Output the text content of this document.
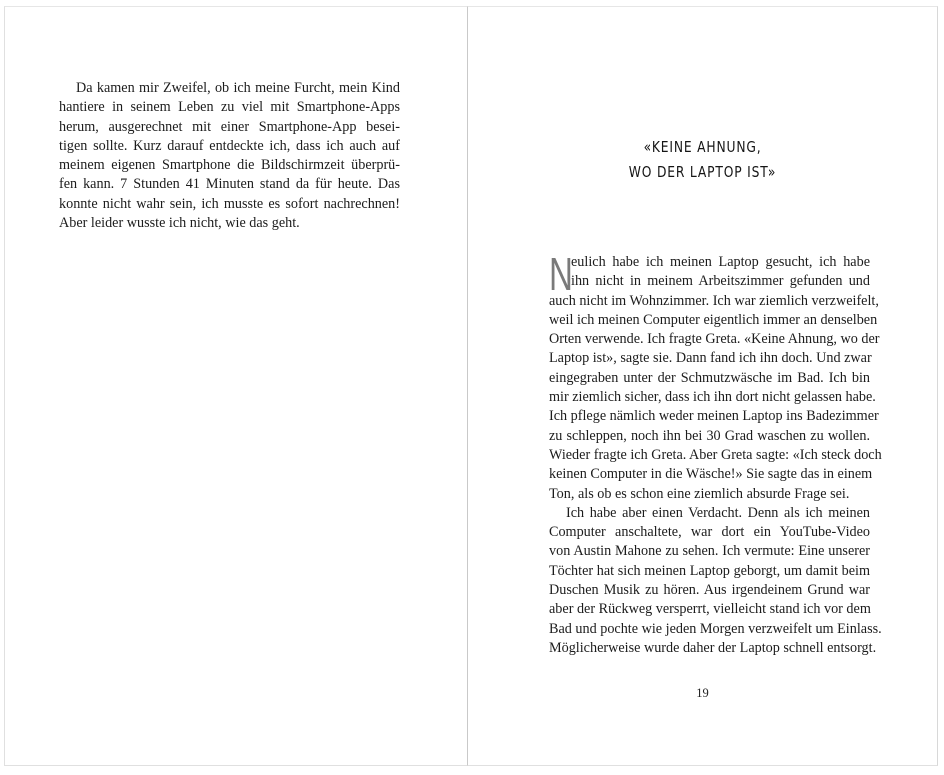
Da kamen mir Zweifel, ob ich meine Furcht, mein Kind
hantiere in seinem Leben zu viel mit Smartphone-Apps
herum, ausgerechnet mit einer Smartphone-App besei-
tigen sollte. Kurz darauf entdeckte ich, dass ich auch auf
meinem eigenen Smartphone die Bildschirmzeit überprü-
fen kann. 7 Stunden 41 Minuten stand da für heute. Das
konnte nicht wahr sein, ich musste es sofort nachrechnen!
Aber leider wusste ich nicht, wie das geht.
«KEINE AHNUNG,
WO DER LAPTOP IST»
N
eulich habe ich meinen Laptop gesucht, ich habe
ihn nicht in meinem Arbeitszimmer gefunden und
auch nicht im Wohnzimmer. Ich war ziemlich verzweifelt,
weil ich meinen Computer eigentlich immer an denselben
Orten verwende. Ich fragte Greta. «Keine Ahnung, wo der
Laptop ist», sagte sie. Dann fand ich ihn doch. Und zwar
eingegraben unter der Schmutzwäsche im Bad. Ich bin
mir ziemlich sicher, dass ich ihn dort nicht gelassen habe.
Ich pflege nämlich weder meinen Laptop ins Badezimmer
zu schleppen, noch ihn bei 30 Grad waschen zu wollen.
Wieder fragte ich Greta. Aber Greta sagte: «Ich steck doch
keinen Computer in die Wäsche!» Sie sagte das in einem
Ton, als ob es schon eine ziemlich absurde Frage sei.
Ich habe aber einen Verdacht. Denn als ich meinen
Computer anschaltete, war dort ein YouTube-Video
von Austin Mahone zu sehen. Ich vermute: Eine unserer
Töchter hat sich meinen Laptop geborgt, um damit beim
Duschen Musik zu hören. Aus irgendeinem Grund war
aber der Rückweg versperrt, vielleicht stand ich vor dem
Bad und pochte wie jeden Morgen verzweifelt um Einlass.
Möglicherweise wurde daher der Laptop schnell entsorgt.
19
